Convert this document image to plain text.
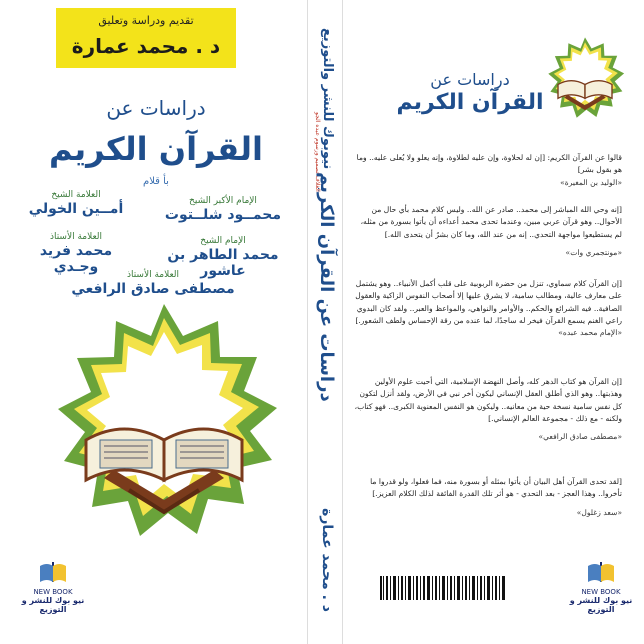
تقديم ودراسة وتعليق
د . محمد عمارة
دراسات عن
القرآن الكريم
بأ قلام
الإمام الأكبر الشيخ
محمــود شلــتوت
العلامة الشيخ
أمــين الخولي
الإمام الشيخ
محمد الطاهر بن عاشور
العلامة الأستاذ
محمد فريد وجـدي	العلامة الأستاذ
مصطفى صادق الرافعي
NEW BOOK
نيو بوك للنشر و التوزيع	د . محمد عمارة
دراسات عن القرآن الكريم
الغلاف تصميم ورسوم عبده الجو نيوبوك للنشر والتوزيع	دراسات عن
القرآن الكريم
قالوا عن القرآن الكريم: [إن له لحلاوة، وإن عليه لطلاوة، وإنه يعلو ولا يُعلى عليه.. وما هو بقول بشر]
«الوليد بن المغيرة»
[إنه وحي الله المباشر إلى محمد.. صادر عن الله.. وليس كلام محمد بأي حال من الأحوال.. وهو قرآن عربي مبين، وعندما تحدى محمد أعداءه أن يأتوا بسورة من مثله، لم يستطيعوا مواجهة التحدي.. إنه من عند الله، وما كان بشرٌ أن يتحدى الله.]
«مونتجمري وات»
[إن القرآن كلام سماوي، تنزل من حضرة الربوبية على قلب أكمل الأنبياء.. وهو يشتمل على معارف عالية، ومطالب سامية، لا يشرق عليها إلا أصحاب النفوس الزاكية والعقول الصافية.. فيه الشرائع والحكم.. والأوامر والنواهي، والمواعظ والعبر.. ولقد كان البدوي راعي الغنم يسمع القرآن فيخر له ساجدًا، لما عنده من رقة الإحساس ولطف الشعور.]
«الإمام محمد عبده»
[إن القرآن هو كتاب الدهر كله، وأصل النهضة الإسلامية، التي أحيت علوم الأولين وهذبتها.. وهو الذي أطلق العقل الإنساني ليكون أخر نبي في الأرض، ولقد أنزل لتكون كل نفس سامية نسخة حية من معانيه.. وليكون هو النفس المعنوية الكبرى.. فهو كتاب، ولكنه - مع ذلك - مجموعة العالم الإنساني.]
«مصطفى صادق الرافعي»
[لقد تحدى القرآن أهل البيان أن يأتوا بمثله أو بسورة منه، فما فعلوا، ولو قدروا ما تأخروا.. وهذا العجز - بعد التحدي - هو أثر تلك القدرة الفائقة لذلك الكلام العزيز.]
«سعد زغلول»
NEW BOOK
نيو بوك للنشر و التوزيع
